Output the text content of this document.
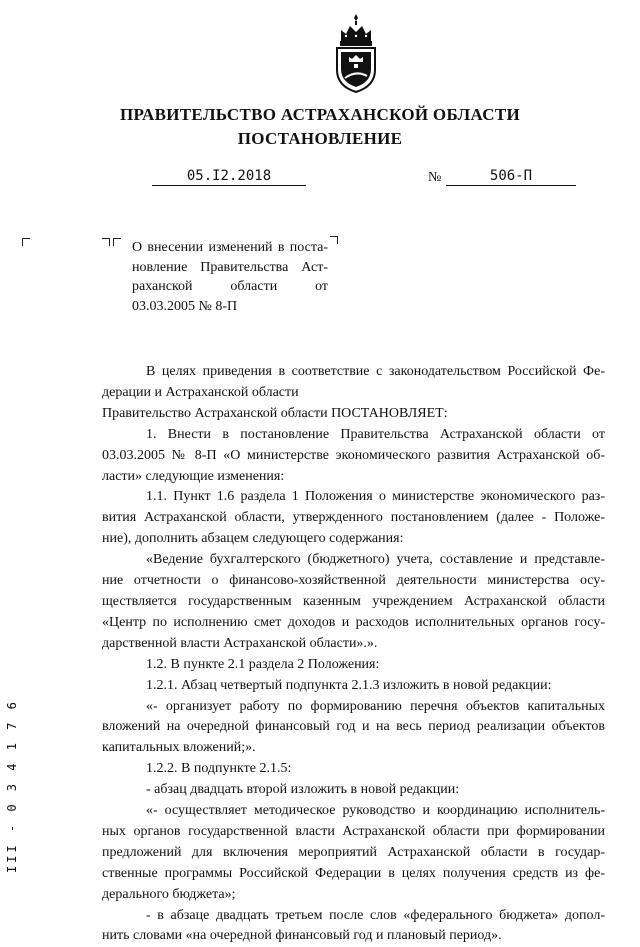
ПРАВИТЕЛЬСТВО АСТРАХАНСКОЙ ОБЛАСТИ
ПОСТАНОВЛЕНИЕ
05.I2.2018	№	506-П
О внесении изменений в поста-
новление Правительства Аст-
раханской области от
03.03.2005 № 8-П
В целях приведения в соответствие с законодательством Российской Фе-
дерации и Астраханской области
Правительство Астраханской области ПОСТАНОВЛЯЕТ:
1. Внести в постановление Правительства Астраханской области от
03.03.2005 № 8-П «О министерстве экономического развития Астраханской об-
ласти» следующие изменения:
1.1. Пункт 1.6 раздела 1 Положения о министерстве экономического раз-
вития Астраханской области, утвержденного постановлением (далее - Положе-
ние), дополнить абзацем следующего содержания:
«Ведение бухгалтерского (бюджетного) учета, составление и представле-
ние отчетности о финансово-хозяйственной деятельности министерства осу-
ществляется государственным казенным учреждением Астраханской области
«Центр по исполнению смет доходов и расходов исполнительных органов госу-
дарственной власти Астраханской области».».
1.2. В пункте 2.1 раздела 2 Положения:
1.2.1. Абзац четвертый подпункта 2.1.3 изложить в новой редакции:
«- организует работу по формированию перечня объектов капитальных
вложений на очередной финансовый год и на весь период реализации объектов
капитальных вложений;».
1.2.2. В подпункте 2.1.5:
- абзац двадцать второй изложить в новой редакции:
«- осуществляет методическое руководство и координацию исполнитель-
ных органов государственной власти Астраханской области при формировании
предложений для включения мероприятий Астраханской области в государ-
ственные программы Российской Федерации в целях получения средств из фе-
дерального бюджета»;
- в абзаце двадцать третьем после слов «федерального бюджета» допол-
нить словами «на очередной финансовый год и плановый период».
III - 0 3 4 1 7 6
